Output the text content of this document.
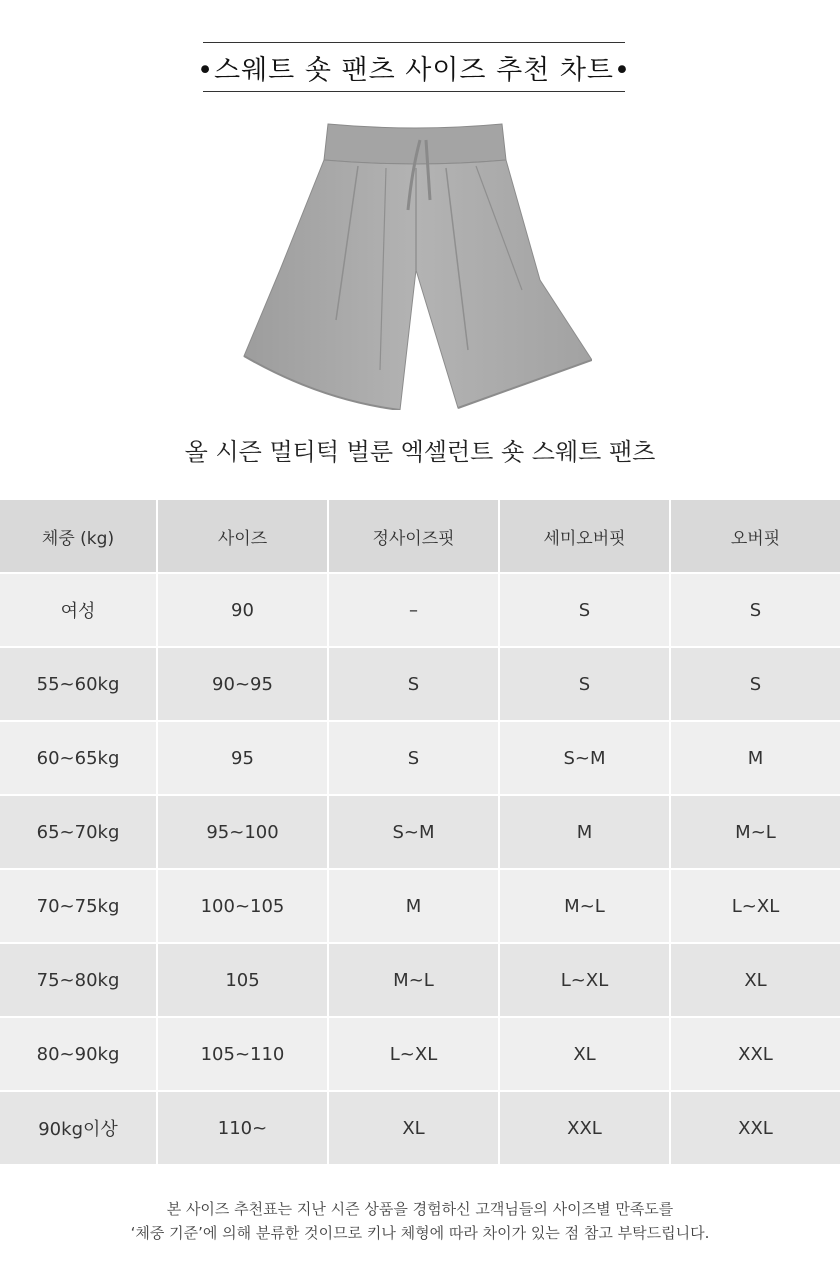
•스웨트 숏 팬츠 사이즈 추천 차트•
올 시즌 멀티턱 벌룬 엑셀런트 숏 스웨트 팬츠
체중 (kg)	사이즈	정사이즈핏	세미오버핏	오버핏
여성	90	–	S	S
55~60kg	90~95	S	S	S
60~65kg	95	S	S~M	M
65~70kg	95~100	S~M	M	M~L
70~75kg	100~105	M	M~L	L~XL
75~80kg	105	M~L	L~XL	XL
80~90kg	105~110	L~XL	XL	XXL
90kg이상	110~	XL	XXL	XXL
본 사이즈 추천표는 지난 시즌 상품을 경험하신 고객님들의 사이즈별 만족도를
‘체중 기준’에 의해 분류한 것이므로 키나 체형에 따라 차이가 있는 점 참고 부탁드립니다.
